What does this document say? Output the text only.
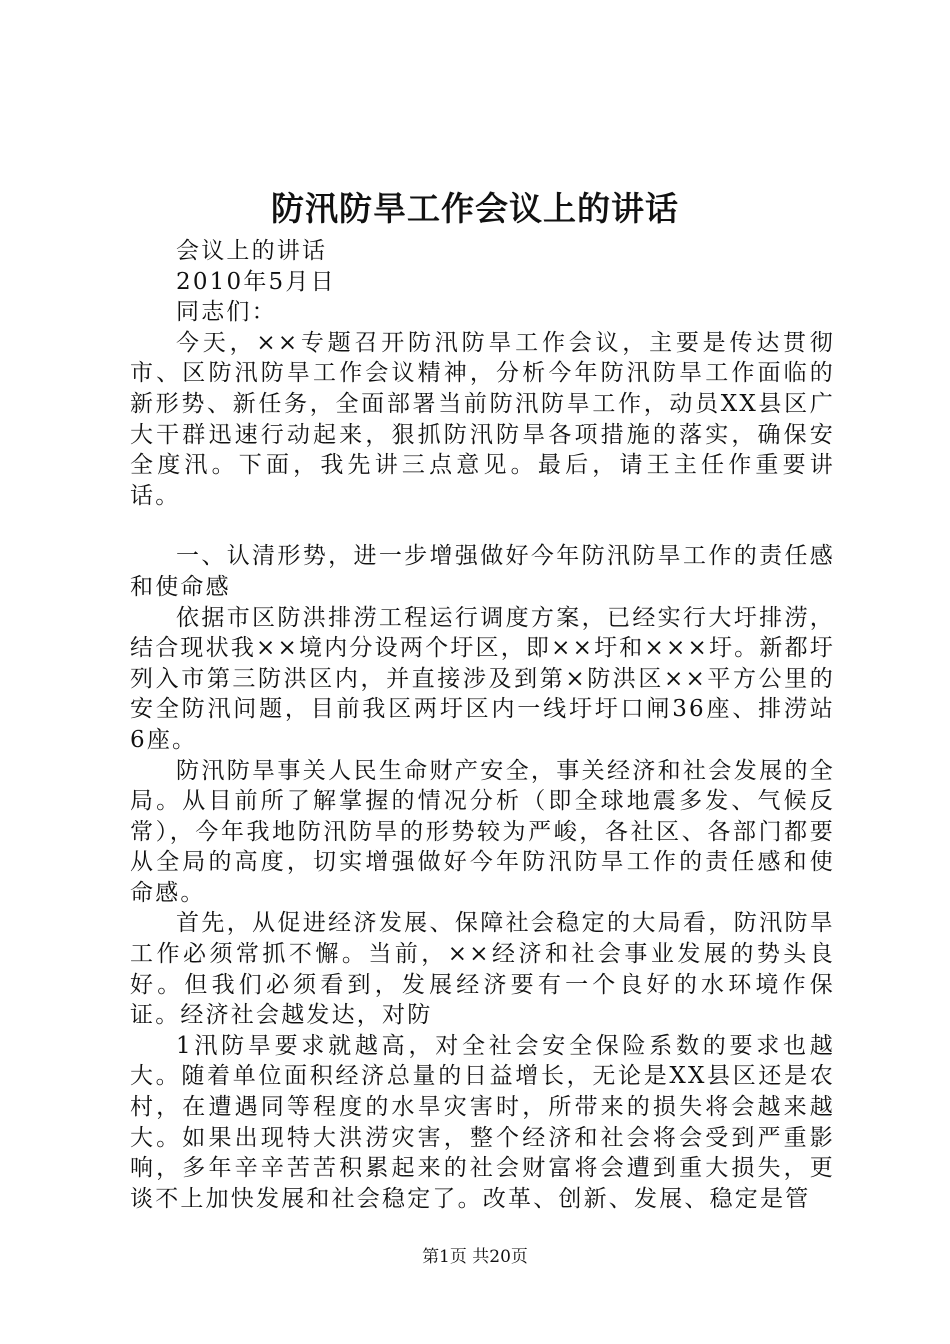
防汛防旱工作会议上的讲话

会议上的讲话

2010年5月日

同志们：

今天，××专题召开防汛防旱工作会议，主要是传达贯彻市、区防汛防旱工作会议精神，分析今年防汛防旱工作面临的新形势、新任务，全面部署当前防汛防旱工作，动员XX县区广大干群迅速行动起来，狠抓防汛防旱各项措施的落实，确保安全度汛。下面，我先讲三点意见。最后，请王主任作重要讲话。

一、认清形势，进一步增强做好今年防汛防旱工作的责任感和使命感

依据市区防洪排涝工程运行调度方案，已经实行大圩排涝，结合现状我××境内分设两个圩区，即××圩和×××圩。新都圩列入市第三防洪区内，并直接涉及到第×防洪区××平方公里的安全防汛问题，目前我区两圩区内一线圩圩口闸36座、排涝站6座。

防汛防旱事关人民生命财产安全，事关经济和社会发展的全局。从目前所了解掌握的情况分析（即全球地震多发、气候反常），今年我地防汛防旱的形势较为严峻，各社区、各部门都要从全局的高度，切实增强做好今年防汛防旱工作的责任感和使命感。

首先，从促进经济发展、保障社会稳定的大局看，防汛防旱工作必须常抓不懈。当前，××经济和社会事业发展的势头良好。但我们必须看到，发展经济要有一个良好的水环境作保证。经济社会越发达，对防

1汛防旱要求就越高，对全社会安全保险系数的要求也越大。随着单位面积经济总量的日益增长，无论是XX县区还是农村，在遭遇同等程度的水旱灾害时，所带来的损失将会越来越大。如果出现特大洪涝灾害，整个经济和社会将会受到严重影响，多年辛辛苦苦积累起来的社会财富将会遭到重大损失，更谈不上加快发展和社会稳定了。改革、创新、发展、稳定是管

第1页 共20页
